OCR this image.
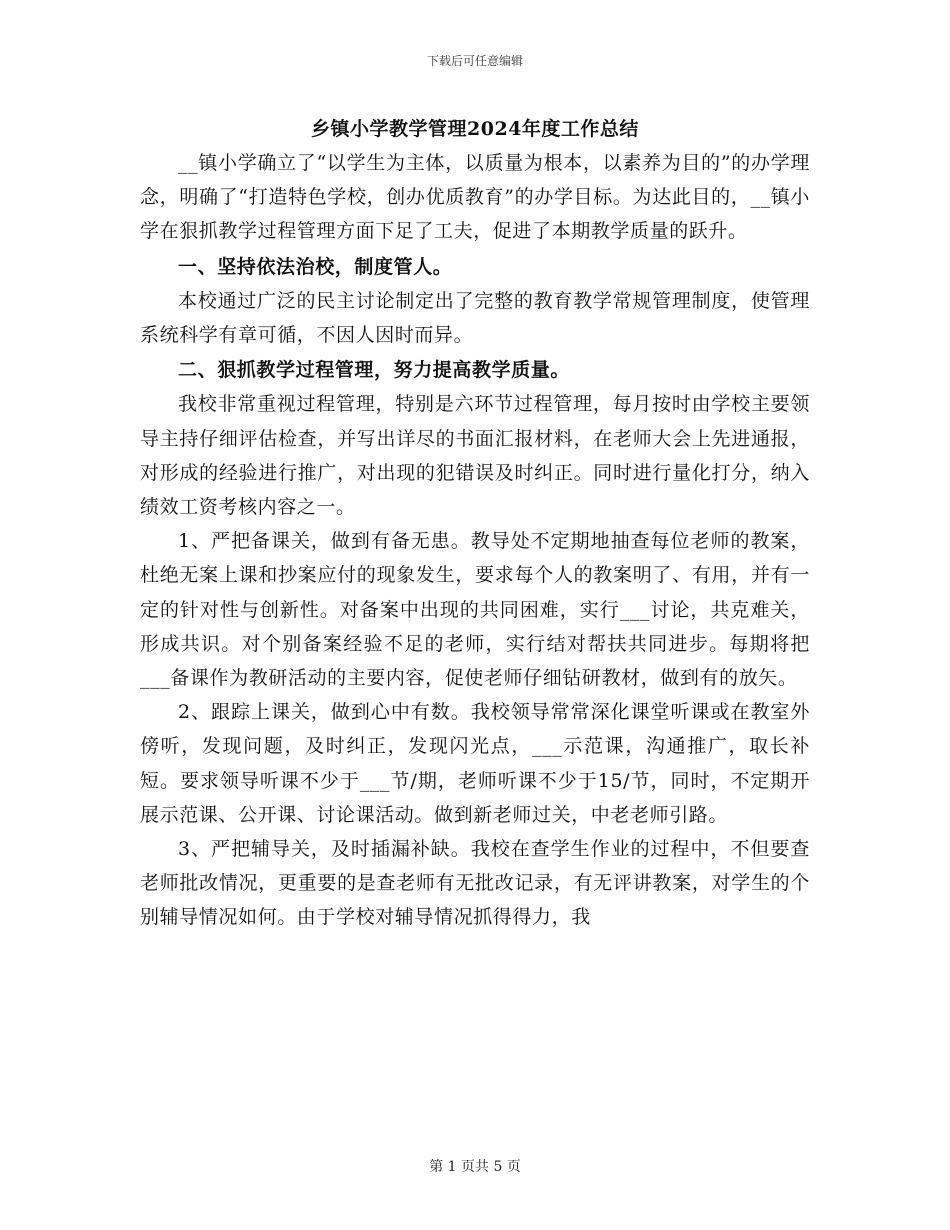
下载后可任意编辑
乡镇小学教学管理2024年度工作总结

__镇小学确立了“以学生为主体，以质量为根本，以素养为目的”的办学理念，明确了“打造特色学校，创办优质教育”的办学目标。为达此目的，__镇小学在狠抓教学过程管理方面下足了工夫，促进了本期教学质量的跃升。

一、坚持依法治校，制度管人。

本校通过广泛的民主讨论制定出了完整的教育教学常规管理制度，使管理系统科学有章可循，不因人因时而异。

二、狠抓教学过程管理，努力提高教学质量。

我校非常重视过程管理，特别是六环节过程管理，每月按时由学校主要领导主持仔细评估检查，并写出详尽的书面汇报材料，在老师大会上先进通报，对形成的经验进行推广，对出现的犯错误及时纠正。同时进行量化打分，纳入绩效工资考核内容之一。

1、严把备课关，做到有备无患。教导处不定期地抽查每位老师的教案，杜绝无案上课和抄案应付的现象发生，要求每个人的教案明了、有用，并有一定的针对性与创新性。对备案中出现的共同困难，实行___讨论，共克难关，形成共识。对个别备案经验不足的老师，实行结对帮扶共同进步。每期将把___备课作为教研活动的主要内容，促使老师仔细钻研教材，做到有的放矢。

2、跟踪上课关，做到心中有数。我校领导常常深化课堂听课或在教室外傍听，发现问题，及时纠正，发现闪光点，___示范课，沟通推广，取长补短。要求领导听课不少于___节/期，老师听课不少于15/节，同时，不定期开展示范课、公开课、讨论课活动。做到新老师过关，中老老师引路。

3、严把辅导关，及时插漏补缺。我校在查学生作业的过程中，不但要查老师批改情况，更重要的是查老师有无批改记录，有无评讲教案，对学生的个别辅导情况如何。由于学校对辅导情况抓得得力，我

第 1 页共 5 页
